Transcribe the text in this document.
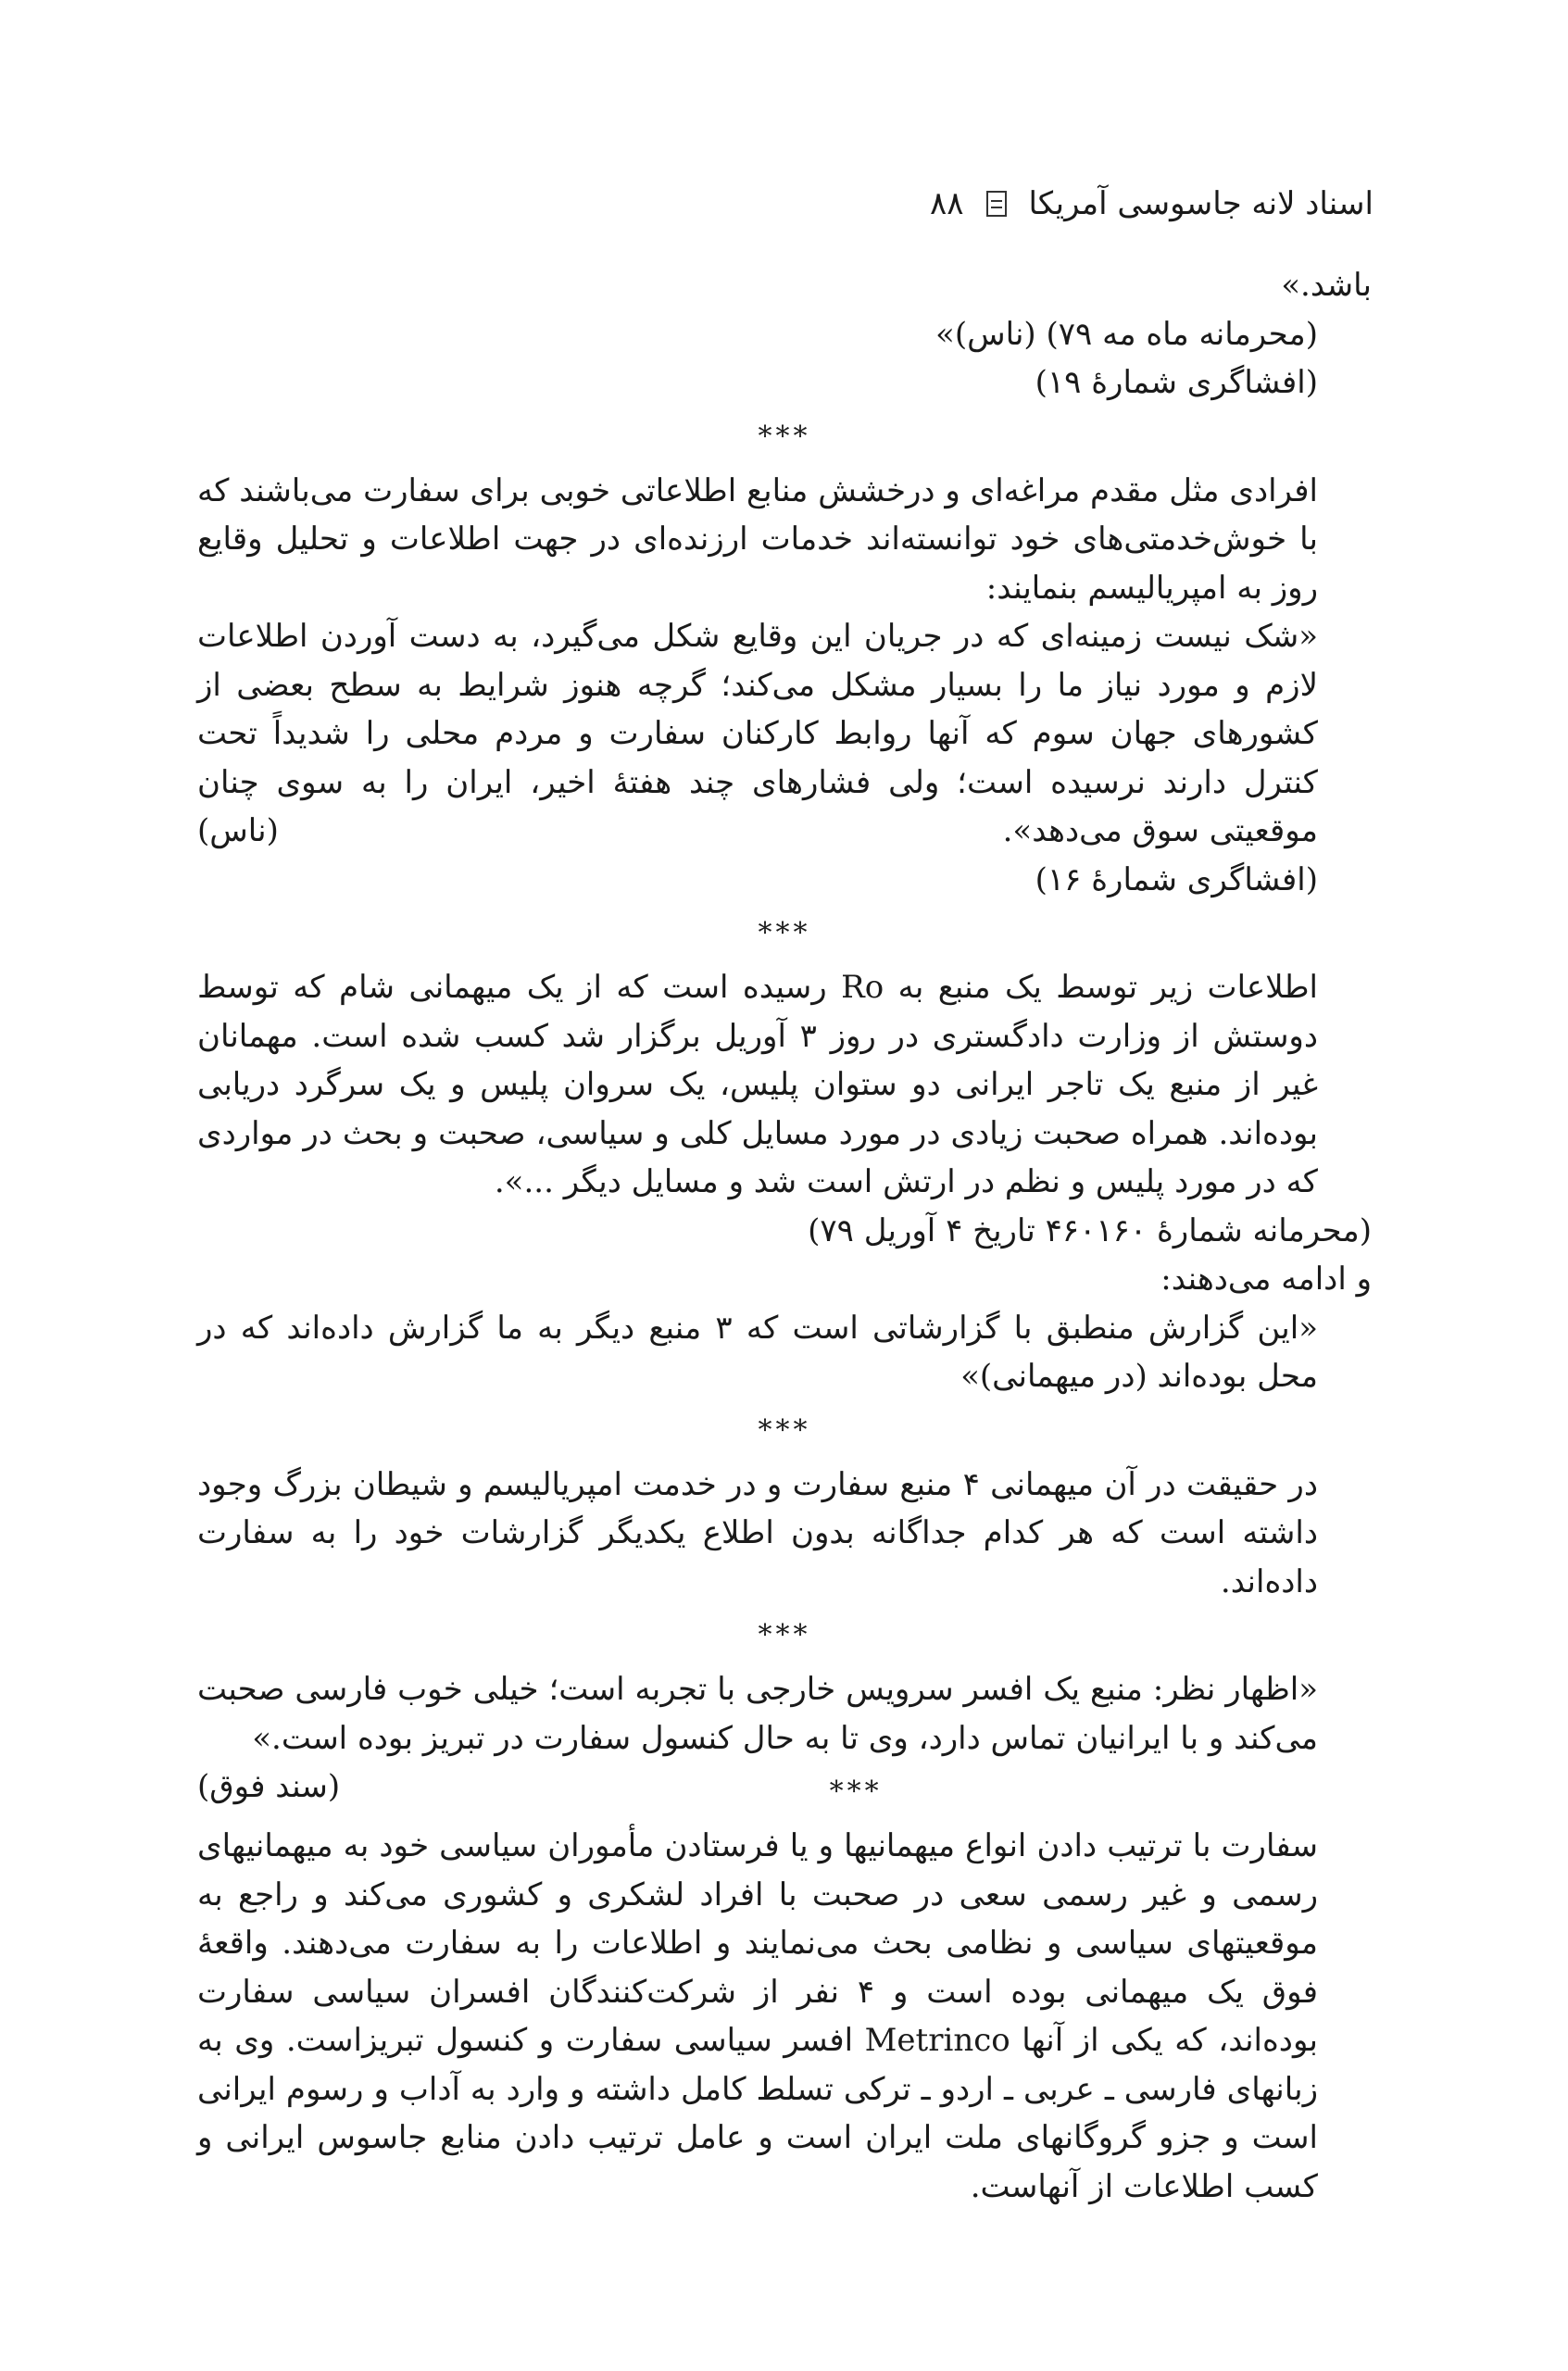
اسناد لانه جاسوسی آمریکا
۸۸
باشد.»
(محرمانه ماه مه ۷۹) (ناس)»
(افشاگری شمارهٔ ۱۹)
***
افرادی مثل مقدم مراغه‌ای و درخشش منابع اطلاعاتی خوبی برای سفارت می‌باشند که با خوش‌خدمتی‌های خود توانسته‌اند خدمات ارزنده‌ای در جهت اطلاعات و تحلیل وقایع روز به امپریالیسم بنمایند:
«شک نیست زمینه‌ای که در جریان این وقایع شکل می‌گیرد، به دست آوردن اطلاعات لازم و مورد نیاز ما را بسیار مشکل می‌کند؛ گرچه هنوز شرایط به سطح بعضی از کشورهای جهان سوم که آنها روابط کارکنان سفارت و مردم محلی را شدیداً تحت کنترل دارند نرسیده است؛ ولی فشارهای چند هفتهٔ اخیر، ایران را به سوی چنان موقعیتی سوق می‌دهد».
(ناس)
(افشاگری شمارهٔ ۱۶)
***
اطلاعات زیر توسط یک منبع به Ro رسیده است که از یک میهمانی شام که توسط دوستش از وزارت دادگستری در روز ۳ آوریل برگزار شد کسب شده است. مهمانان غیر از منبع یک تاجر ایرانی دو ستوان پلیس، یک سروان پلیس و یک سرگرد دریابی بوده‌اند. همراه صحبت زیادی در مورد مسایل کلی و سیاسی، صحبت و بحث در مواردی که در مورد پلیس و نظم در ارتش است شد و مسایل دیگر ...».
(محرمانه شمارهٔ ۴۶۰۱۶۰ تاریخ ۴ آوریل ۷۹)
و ادامه می‌دهند:
«این گزارش منطبق با گزارشاتی است که ۳ منبع دیگر به ما گزارش داده‌اند که در محل بوده‌اند (در میهمانی)»
***
در حقیقت در آن میهمانی ۴ منبع سفارت و در خدمت امپریالیسم و شیطان بزرگ وجود داشته است که هر کدام جداگانه بدون اطلاع یکدیگر گزارشات خود را به سفارت داده‌اند.
***
«اظهار نظر: منبع یک افسر سرویس خارجی با تجربه است؛ خیلی خوب فارسی صحبت می‌کند و با ایرانیان تماس دارد، وی تا به حال کنسول سفارت در تبریز بوده است.»
(سند فوق)	***
سفارت با ترتیب دادن انواع میهمانیها و یا فرستادن مأموران سیاسی خود به میهمانیهای رسمی و غیر رسمی سعی در صحبت با افراد لشکری و کشوری می‌کند و راجع به موقعیتهای سیاسی و نظامی بحث می‌نمایند و اطلاعات را به سفارت می‌دهند. واقعهٔ فوق یک میهمانی بوده است و ۴ نفر از شرکت‌کنندگان افسران سیاسی سفارت بوده‌اند، که یکی از آنها Metrinco افسر سیاسی سفارت و کنسول تبریزاست. وی به زبانهای فارسی ـ عربی ـ اردو ـ ترکی تسلط کامل داشته و وارد به آداب و رسوم ایرانی است و جزو گروگانهای ملت ایران است و عامل ترتیب دادن منابع جاسوس ایرانی و کسب اطلاعات از آنهاست.
